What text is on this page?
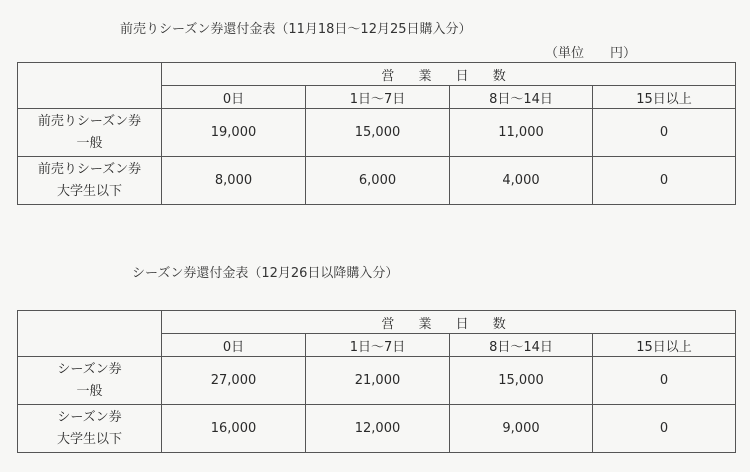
前売りシーズン券還付金表（11月18日～12月25日購入分）
（単位　　円）
	営 業 日 数			
	0日	1日～7日	8日～14日	15日以上

前売りシーズン券
一般	19,000	15,000	11,000	0

前売りシーズン券
大学生以下	8,000	6,000	4,000	0
シーズン券還付金表（12月26日以降購入分）
	営 業 日 数			
	0日	1日～7日	8日～14日	15日以上

シーズン券
一般	27,000	21,000	15,000	0

シーズン券
大学生以下	16,000	12,000	9,000	0
